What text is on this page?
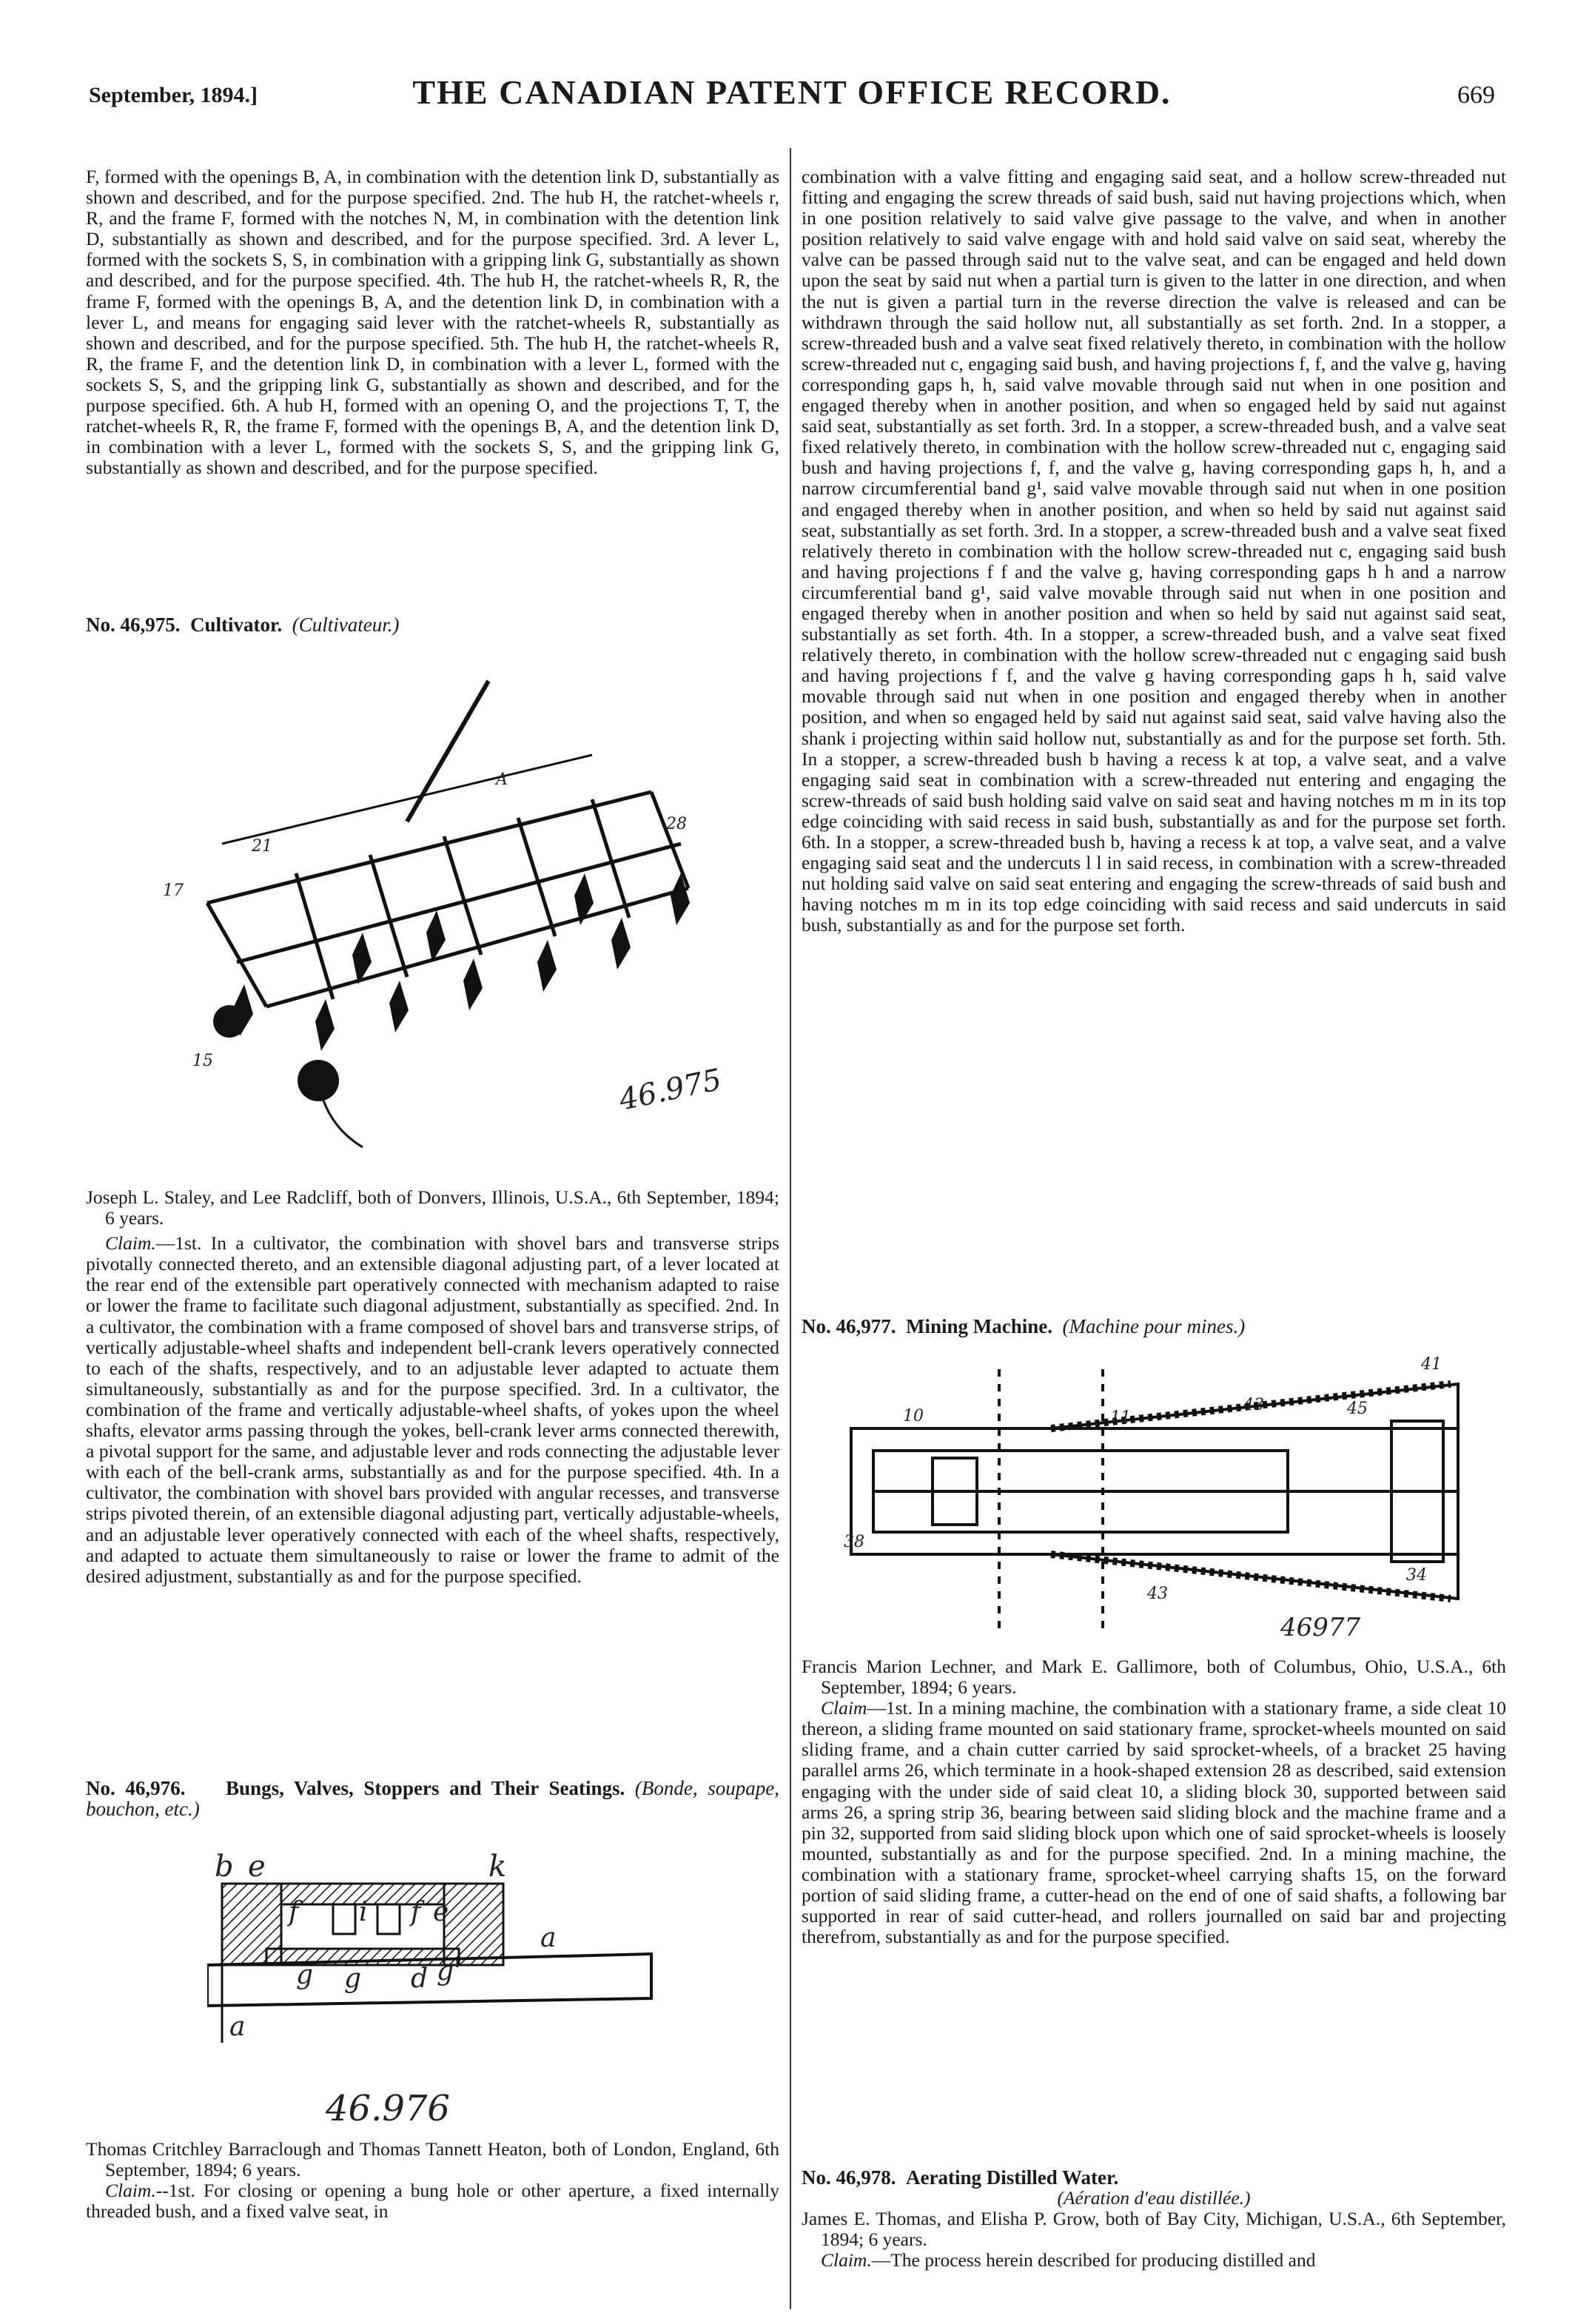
September, 1894.]	THE CANADIAN PATENT OFFICE RECORD.	669

F, formed with the openings B, A, in combination with the detention link D, substantially as shown and described, and for the purpose specified. 2nd. The hub H, the ratchet-wheels r, R, and the frame F, formed with the notches N, M, in combination with the detention link D, substantially as shown and described, and for the purpose specified. 3rd. A lever L, formed with the sockets S, S, in combination with a gripping link G, substantially as shown and described, and for the purpose specified. 4th. The hub H, the ratchet-wheels R, R, the frame F, formed with the openings B, A, and the detention link D, in combination with a lever L, and means for engaging said lever with the ratchet-wheels R, substantially as shown and described, and for the purpose specified. 5th. The hub H, the ratchet-wheels R, R, the frame F, and the detention link D, in combination with a lever L, formed with the sockets S, S, and the gripping link G, substantially as shown and described, and for the purpose specified. 6th. A hub H, formed with an opening O, and the projections T, T, the ratchet-wheels R, R, the frame F, formed with the openings B, A, and the detention link D, in combination with a lever L, formed with the sockets S, S, and the gripping link G, substantially as shown and described, and for the purpose specified.

No. 46,975. Cultivator. (Cultivateur.)

17
21
28
15
A
46.975

Joseph L. Staley, and Lee Radcliff, both of Donvers, Illinois, U.S.A., 6th September, 1894; 6 years.

Claim.—1st. In a cultivator, the combination with shovel bars and transverse strips pivotally connected thereto, and an extensible diagonal adjusting part, of a lever located at the rear end of the extensible part operatively connected with mechanism adapted to raise or lower the frame to facilitate such diagonal adjustment, substantially as specified. 2nd. In a cultivator, the combination with a frame composed of shovel bars and transverse strips, of vertically adjustable-wheel shafts and independent bell-crank levers operatively connected to each of the shafts, respectively, and to an adjustable lever adapted to actuate them simultaneously, substantially as and for the purpose specified. 3rd. In a cultivator, the combination of the frame and vertically adjustable-wheel shafts, of yokes upon the wheel shafts, elevator arms passing through the yokes, bell-crank lever arms connected therewith, a pivotal support for the same, and adjustable lever and rods connecting the adjustable lever with each of the bell-crank arms, substantially as and for the purpose specified. 4th. In a cultivator, the combination with shovel bars provided with angular recesses, and transverse strips pivoted therein, of an extensible diagonal adjusting part, vertically adjustable-wheels, and an adjustable lever operatively connected with each of the wheel shafts, respectively, and adapted to actuate them simultaneously to raise or lower the frame to admit of the desired adjustment, substantially as and for the purpose specified.

No. 46,976. Bungs, Valves, Stoppers and Their Seatings. (Bonde, soupape, bouchon, etc.)

b e	k
f i f e
a
g g d g'
a
46.976

Thomas Critchley Barraclough and Thomas Tannett Heaton, both of London, England, 6th September, 1894; 6 years.

Claim.--1st. For closing or opening a bung hole or other aperture, a fixed internally threaded bush, and a fixed valve seat, in

combination with a valve fitting and engaging said seat, and a hollow screw-threaded nut fitting and engaging the screw threads of said bush, said nut having projections which, when in one position relatively to said valve give passage to the valve, and when in another position relatively to said valve engage with and hold said valve on said seat, whereby the valve can be passed through said nut to the valve seat, and can be engaged and held down upon the seat by said nut when a partial turn is given to the latter in one direction, and when the nut is given a partial turn in the reverse direction the valve is released and can be withdrawn through the said hollow nut, all substantially as set forth. 2nd. In a stopper, a screw-threaded bush and a valve seat fixed relatively thereto, in combination with the hollow screw-threaded nut c, engaging said bush, and having projections f, f, and the valve g, having corresponding gaps h, h, said valve movable through said nut when in one position and engaged thereby when in another position, and when so engaged held by said nut against said seat, substantially as set forth. 3rd. In a stopper, a screw-threaded bush, and a valve seat fixed relatively thereto, in combination with the hollow screw-threaded nut c, engaging said bush and having projections f, f, and the valve g, having corresponding gaps h, h, and a narrow circumferential band g¹, said valve movable through said nut when in one position and engaged thereby when in another position, and when so held by said nut against said seat, substantially as set forth. 3rd. In a stopper, a screw-threaded bush and a valve seat fixed relatively thereto in combination with the hollow screw-threaded nut c, engaging said bush and having projections f f and the valve g, having corresponding gaps h h and a narrow circumferential band g¹, said valve movable through said nut when in one position and engaged thereby when in another position and when so held by said nut against said seat, substantially as set forth. 4th. In a stopper, a screw-threaded bush, and a valve seat fixed relatively thereto, in combination with the hollow screw-threaded nut c engaging said bush and having projections f f, and the valve g having corresponding gaps h h, said valve movable through said nut when in one position and engaged thereby when in another position, and when so engaged held by said nut against said seat, said valve having also the shank i projecting within said hollow nut, substantially as and for the purpose set forth. 5th. In a stopper, a screw-threaded bush b having a recess k at top, a valve seat, and a valve engaging said seat in combination with a screw-threaded nut entering and engaging the screw-threads of said bush holding said valve on said seat and having notches m m in its top edge coinciding with said recess in said bush, substantially as and for the purpose set forth. 6th. In a stopper, a screw-threaded bush b, having a recess k at top, a valve seat, and a valve engaging said seat and the undercuts l l in said recess, in combination with a screw-threaded nut holding said valve on said seat entering and engaging the screw-threads of said bush and having notches m m in its top edge coinciding with said recess and said undercuts in said bush, substantially as and for the purpose set forth.

No. 46,977. Mining Machine. (Machine pour mines.)

41
43
10	11	45
38
43
34
46977

Francis Marion Lechner, and Mark E. Gallimore, both of Columbus, Ohio, U.S.A., 6th September, 1894; 6 years.

Claim—1st. In a mining machine, the combination with a stationary frame, a side cleat 10 thereon, a sliding frame mounted on said stationary frame, sprocket-wheels mounted on said sliding frame, and a chain cutter carried by said sprocket-wheels, of a bracket 25 having parallel arms 26, which terminate in a hook-shaped extension 28 as described, said extension engaging with the under side of said cleat 10, a sliding block 30, supported between said arms 26, a spring strip 36, bearing between said sliding block and the machine frame and a pin 32, supported from said sliding block upon which one of said sprocket-wheels is loosely mounted, substantially as and for the purpose specified. 2nd. In a mining machine, the combination with a stationary frame, sprocket-wheel carrying shafts 15, on the forward portion of said sliding frame, a cutter-head on the end of one of said shafts, a following bar supported in rear of said cutter-head, and rollers journalled on said bar and projecting therefrom, substantially as and for the purpose specified.

No. 46,978. Aerating Distilled Water.

(Aération d'eau distillée.)

James E. Thomas, and Elisha P. Grow, both of Bay City, Michigan, U.S.A., 6th September, 1894; 6 years.

Claim.—The process herein described for producing distilled and
